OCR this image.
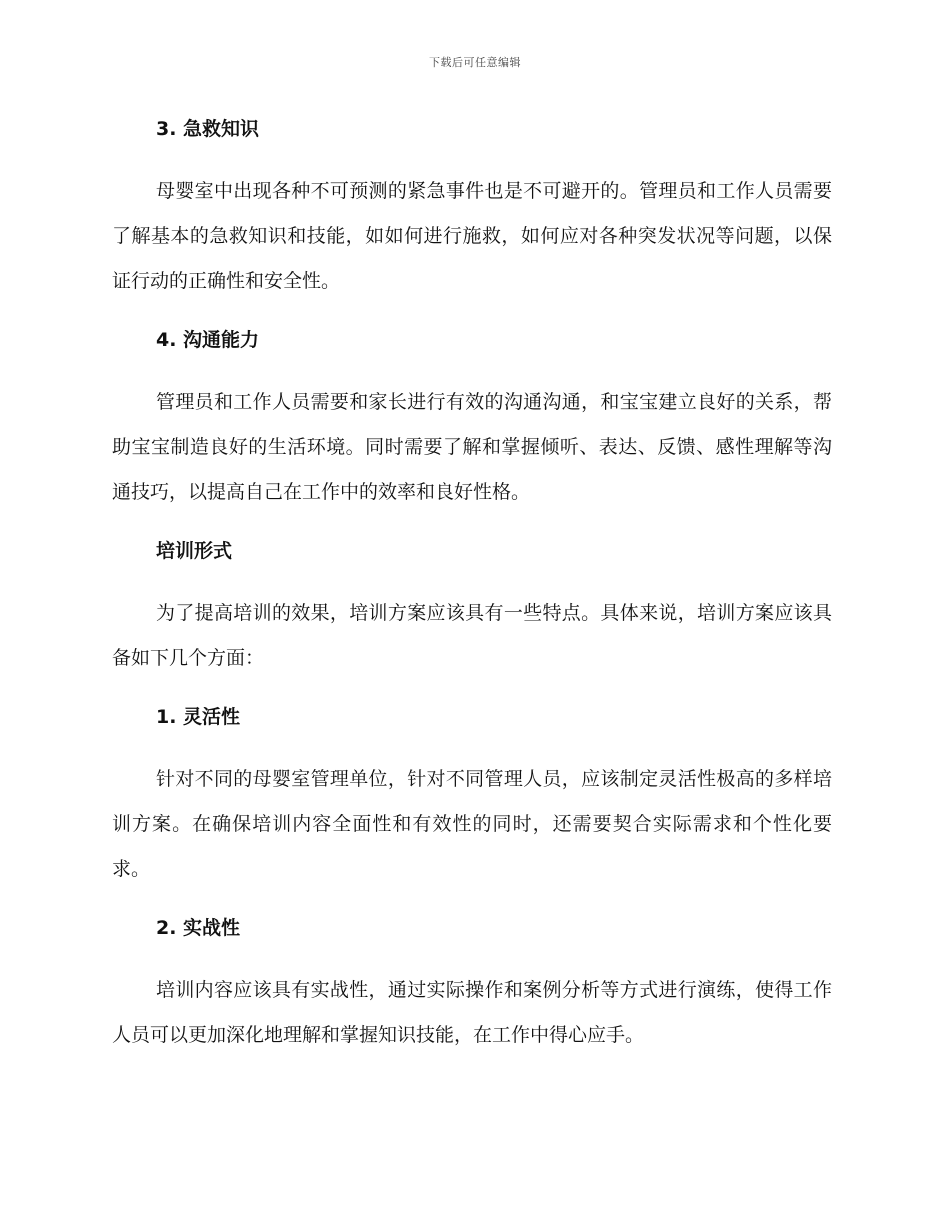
下载后可任意编辑
3. 急救知识

母婴室中出现各种不可预测的紧急事件也是不可避开的。管理员和工作人员需要了解基本的急救知识和技能，如如何进行施救，如何应对各种突发状况等问题，以保证行动的正确性和安全性。

4. 沟通能力

管理员和工作人员需要和家长进行有效的沟通沟通，和宝宝建立良好的关系，帮助宝宝制造良好的生活环境。同时需要了解和掌握倾听、表达、反馈、感性理解等沟通技巧，以提高自己在工作中的效率和良好性格。

培训形式

为了提高培训的效果，培训方案应该具有一些特点。具体来说，培训方案应该具备如下几个方面：

1. 灵活性

针对不同的母婴室管理单位，针对不同管理人员，应该制定灵活性极高的多样培训方案。在确保培训内容全面性和有效性的同时，还需要契合实际需求和个性化要求。

2. 实战性

培训内容应该具有实战性，通过实际操作和案例分析等方式进行演练，使得工作人员可以更加深化地理解和掌握知识技能，在工作中得心应手。
